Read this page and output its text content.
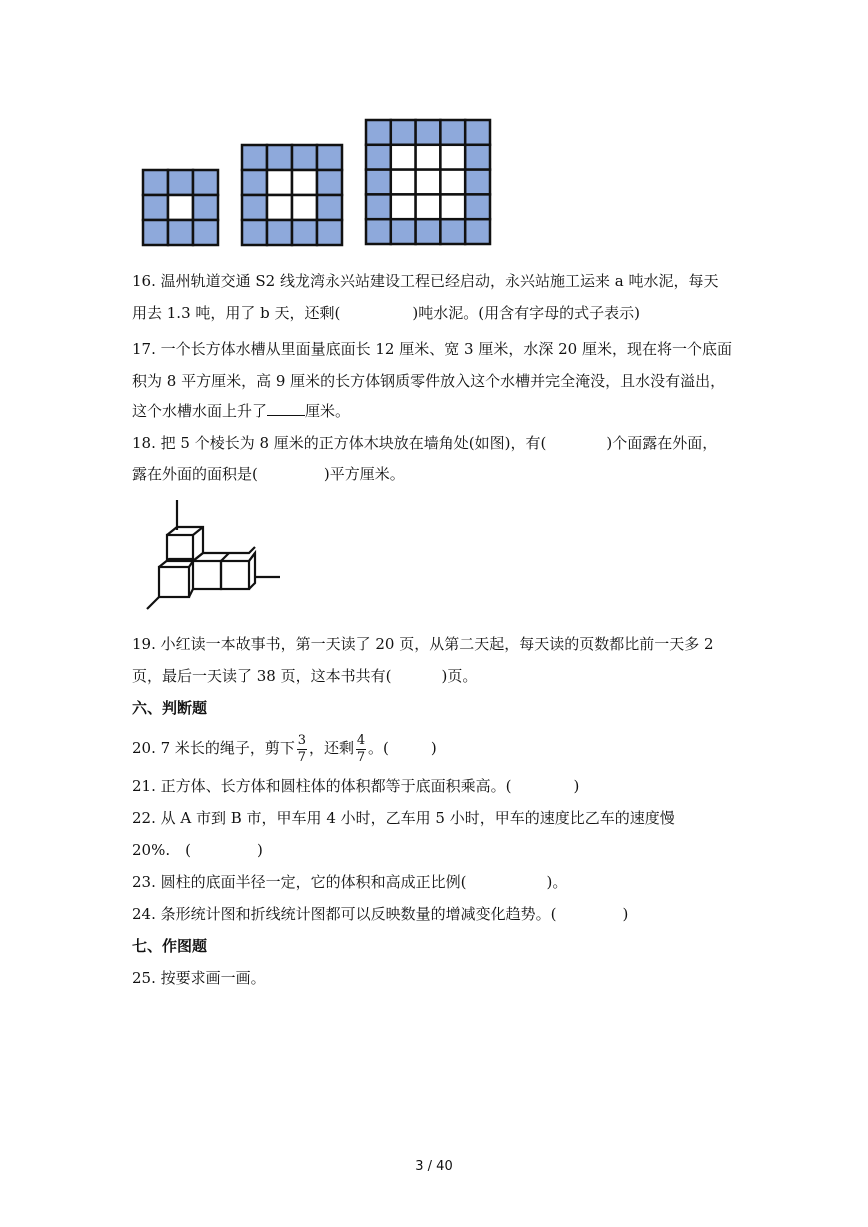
16. 温州轨道交通 S2 线龙湾永兴站建设工程已经启动，永兴站施工运来 a 吨水泥，每天
用去 1.3 吨，用了 b 天，还剩(	)吨水泥。(用含有字母的式子表示)
17. 一个长方体水槽从里面量底面长 12 厘米、宽 3 厘米，水深 20 厘米，现在将一个底面
积为 8 平方厘米，高 9 厘米的长方体钢质零件放入这个水槽并完全淹没，且水没有溢出，
这个水槽水面上升了	厘米。
18. 把 5 个棱长为 8 厘米的正方体木块放在墙角处(如图)，有(	)个面露在外面，
露在外面的面积是(	)平方厘米。
19. 小红读一本故事书，第一天读了 20 页，从第二天起，每天读的页数都比前一天多 2
页，最后一天读了 38 页，这本书共有(	)页。
六、判断题
20. 7 米长的绳子，剪下 $\frac{3}{7}$ ，还剩 $\frac{4}{7}$ 。(	)
21. 正方体、长方体和圆柱体的体积都等于底面积乘高。(	)
22. 从 A 市到 B 市，甲车用 4 小时，乙车用 5 小时，甲车的速度比乙车的速度慢
20%.　(	)
23. 圆柱的底面半径一定，它的体积和高成正比例(	)。
24. 条形统计图和折线统计图都可以反映数量的增减变化趋势。(	)
七、作图题
25. 按要求画一画。
3 / 40
